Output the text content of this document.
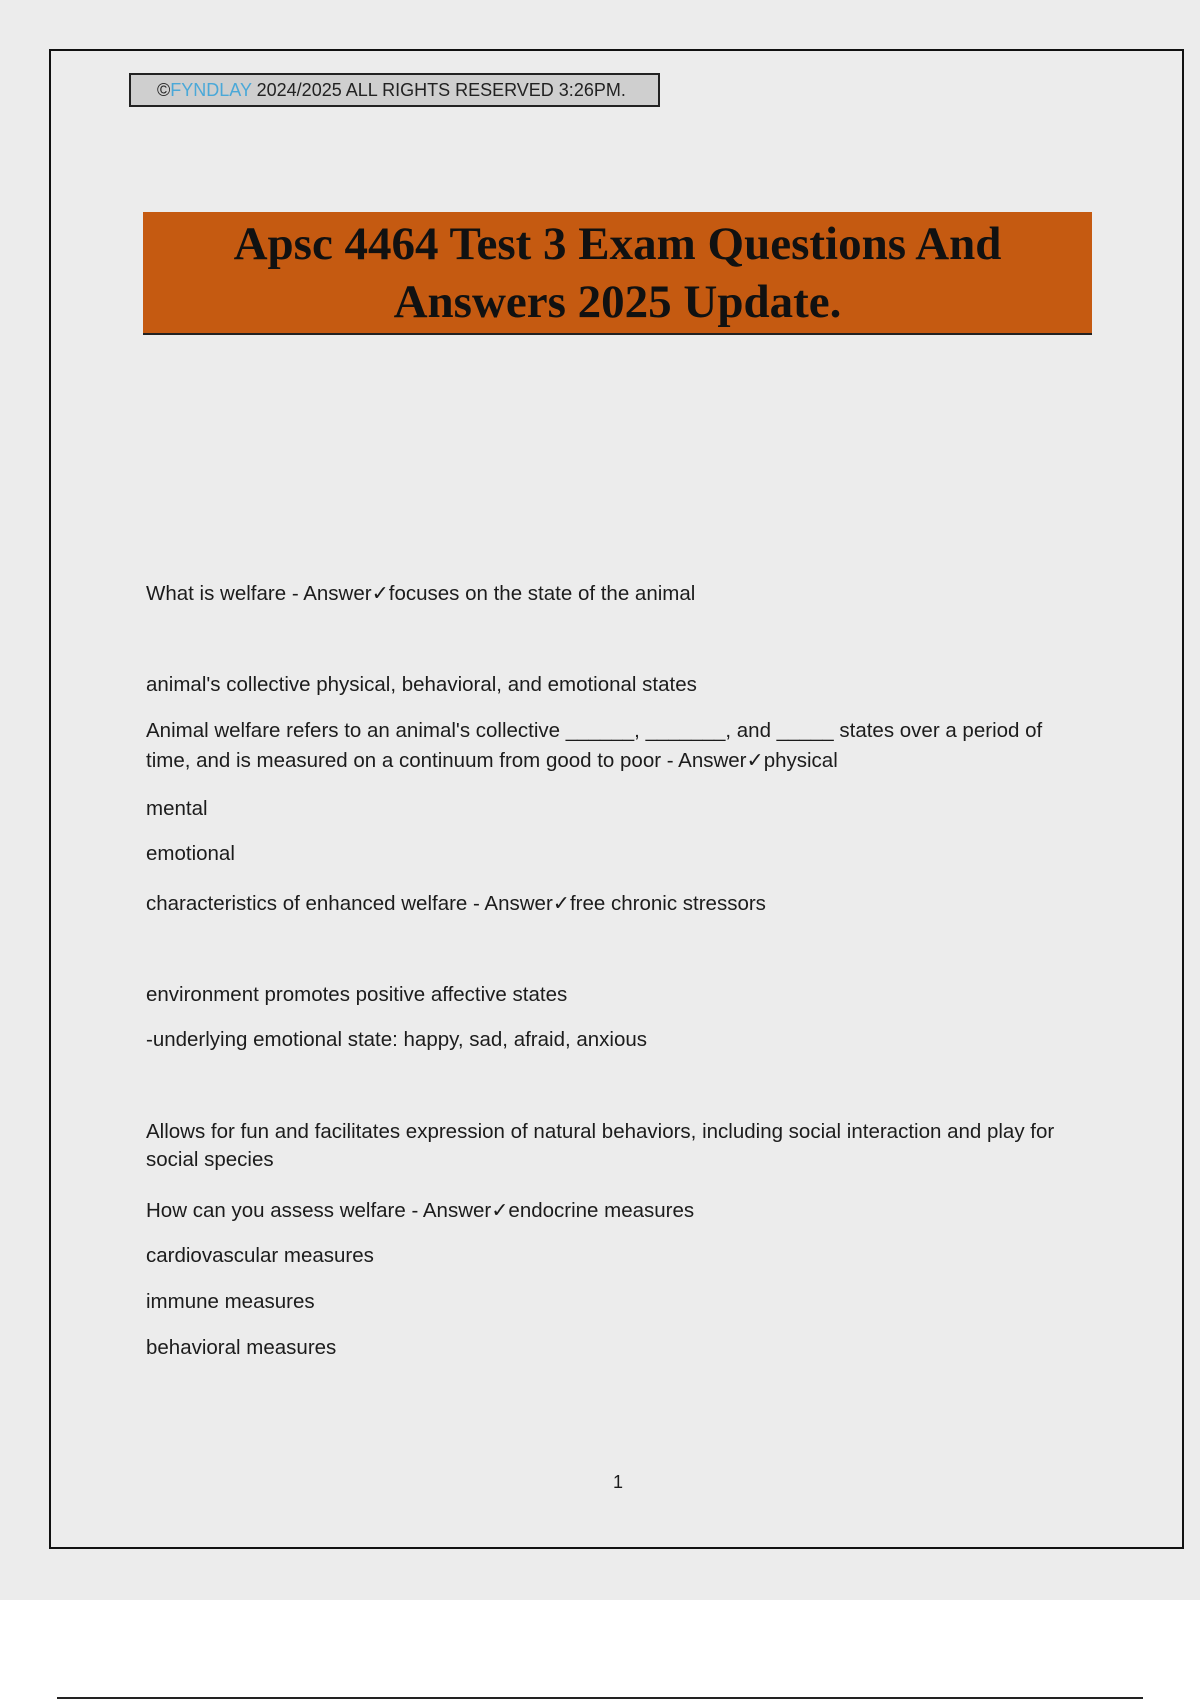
©FYNDLAY 2024/2025 ALL RIGHTS RESERVED 3:26PM.
Apsc 4464 Test 3 Exam Questions And
Answers 2025 Update.

What is welfare - Answer✓focuses on the state of the animal

animal's collective physical, behavioral, and emotional states

Animal welfare refers to an animal's collective ______, _______, and _____ states over a period of time, and is measured on a continuum from good to poor - Answer✓physical

mental

emotional

characteristics of enhanced welfare - Answer✓free chronic stressors

environment promotes positive affective states

-underlying emotional state: happy, sad, afraid, anxious

Allows for fun and facilitates expression of natural behaviors, including social interaction and play for social species

How can you assess welfare - Answer✓endocrine measures

cardiovascular measures

immune measures

behavioral measures

1
